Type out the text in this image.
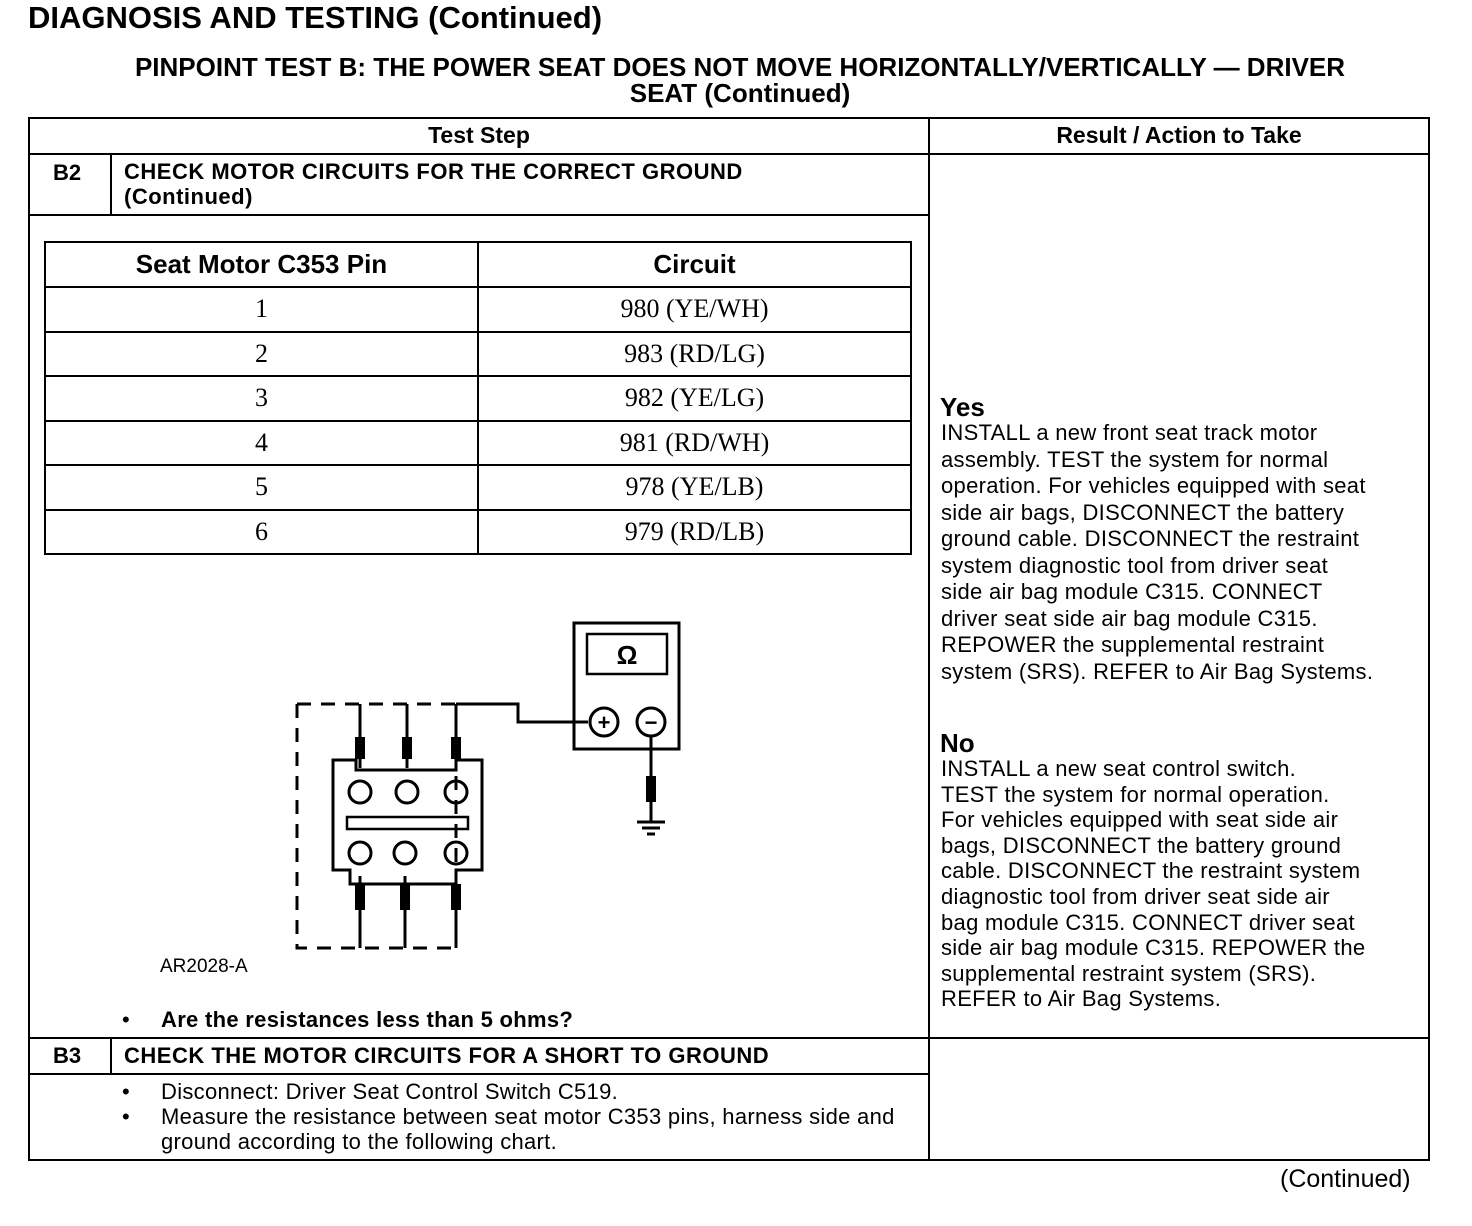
DIAGNOSIS AND TESTING (Continued)
PINPOINT TEST B: THE POWER SEAT DOES NOT MOVE HORIZONTALLY/VERTICALLY — DRIVER
SEAT (Continued)
Test Step	Result / Action to Take
B2 CHECK MOTOR CIRCUITS FOR THE CORRECT GROUND
(Continued)
Seat Motor C353 Pin	Circuit
1	980 (YE/WH)
2	983 (RD/LG)
3	982 (YE/LG)
4	981 (RD/WH)
5	978 (YE/LB)
6	979 (RD/LB)
Ω
+ −
AR2028-A
• Are the resistances less than 5 ohms?
Yes
INSTALL a new front seat track motor
assembly. TEST the system for normal
operation. For vehicles equipped with seat
side air bags, DISCONNECT the battery
ground cable. DISCONNECT the restraint
system diagnostic tool from driver seat
side air bag module C315. CONNECT
driver seat side air bag module C315.
REPOWER the supplemental restraint
system (SRS). REFER to Air Bag Systems.
No
INSTALL a new seat control switch.
TEST the system for normal operation.
For vehicles equipped with seat side air
bags, DISCONNECT the battery ground
cable. DISCONNECT the restraint system
diagnostic tool from driver seat side air
bag module C315. CONNECT driver seat
side air bag module C315. REPOWER the
supplemental restraint system (SRS).
REFER to Air Bag Systems.
B3 CHECK THE MOTOR CIRCUITS FOR A SHORT TO GROUND
• Disconnect: Driver Seat Control Switch C519.
• Measure the resistance between seat motor C353 pins, harness side and ground according to the following chart.
(Continued)
